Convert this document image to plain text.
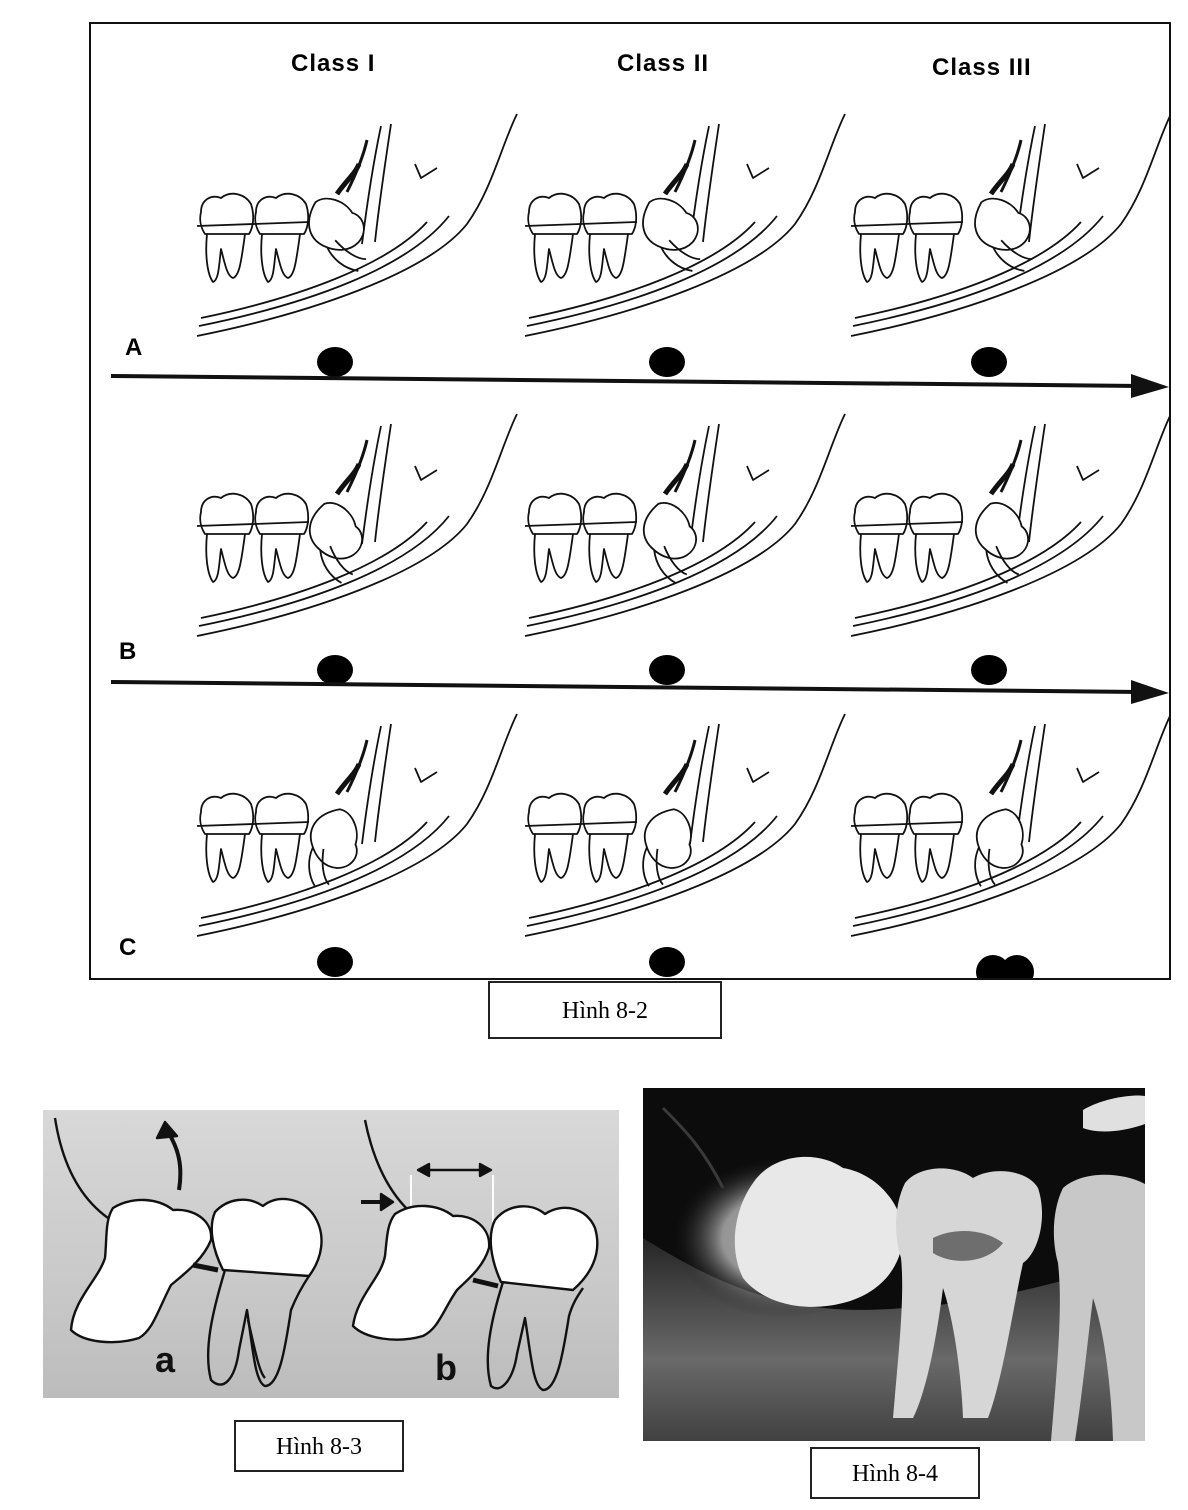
Class I	Class II	Class III
A
B
C
Hình 8-2
a	b
Hình 8-3
Hình 8-4
